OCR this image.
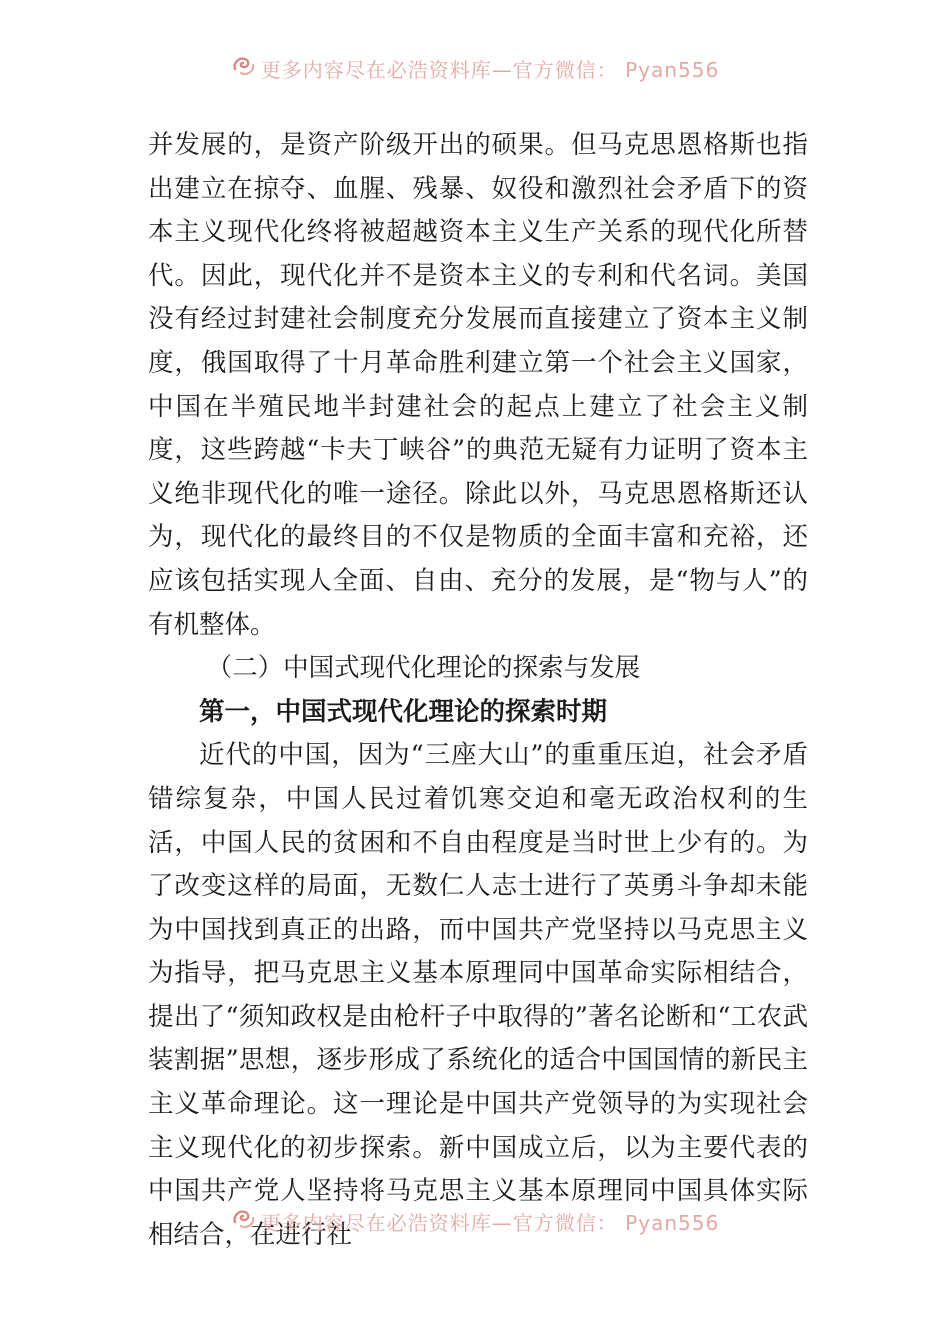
更多内容尽在必浩资料库—官方微信： Pyan556

并发展的，是资产阶级开出的硕果。但马克思恩格斯也指出建立在掠夺、血腥、残暴、奴役和激烈社会矛盾下的资本主义现代化终将被超越资本主义生产关系的现代化所替代。因此，现代化并不是资本主义的专利和代名词。美国没有经过封建社会制度充分发展而直接建立了资本主义制度，俄国取得了十月革命胜利建立第一个社会主义国家，中国在半殖民地半封建社会的起点上建立了社会主义制度，这些跨越“卡夫丁峡谷”的典范无疑有力证明了资本主义绝非现代化的唯一途径。除此以外，马克思恩格斯还认为，现代化的最终目的不仅是物质的全面丰富和充裕，还应该包括实现人全面、自由、充分的发展，是“物与人”的有机整体。

（二）中国式现代化理论的探索与发展

第一，中国式现代化理论的探索时期

近代的中国，因为“三座大山”的重重压迫，社会矛盾错综复杂，中国人民过着饥寒交迫和毫无政治权利的生活，中国人民的贫困和不自由程度是当时世上少有的。为了改变这样的局面，无数仁人志士进行了英勇斗争却未能为中国找到真正的出路，而中国共产党坚持以马克思主义为指导，把马克思主义基本原理同中国革命实际相结合，提出了“须知政权是由枪杆子中取得的”著名论断和“工农武装割据”思想，逐步形成了系统化的适合中国国情的新民主主义革命理论。这一理论是中国共产党领导的为实现社会主义现代化的初步探索。新中国成立后，以为主要代表的中国共产党人坚持将马克思主义基本原理同中国具体实际相结合，在进行社

更多内容尽在必浩资料库—官方微信： Pyan556
